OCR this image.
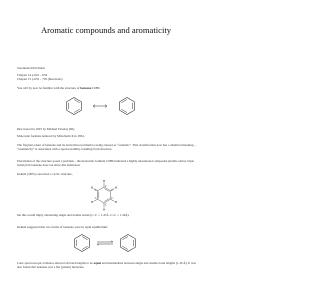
Aromatic compounds and aromaticity
Solomons 6th Edition
Chapter 14 p 616 – 654
Chapter 15 p 655 – 705 (Reactions)
You will by now be familiar with the structure of benzene C6H6
Discovered in 1825 by Michael Faraday (RI).
Molecular formula deduced by Mitscherlich in 1834.
The fragrant odour of benzene and its derivatives led them to being classed as “aromatic”. This classification now has a chemical meaning – “aromaticity” is associated with a special stability resulting from structure.
Elucidation of the structure posed a problem – the molecular formula C6H6 indicated a highly unsaturated compound (double and/or triple bonds) but benzene does not show this behaviour.
Kekulé (1865) conceived a cyclic structure,
H
H
H
H
H
H	C
C
C
C
C
C
but this would imply alternating single and double bonds (C–C = 1.47Å, C=C = 1.34Å).
Kekulé suggested that two forms of benzene were in rapid equilibrium:
Later spectroscopic evidence showed all bond lengths to be equal and intermediate between single and double bond lengths (1.39 Å). It was also found that benzene was a flat (planar) molecule.
